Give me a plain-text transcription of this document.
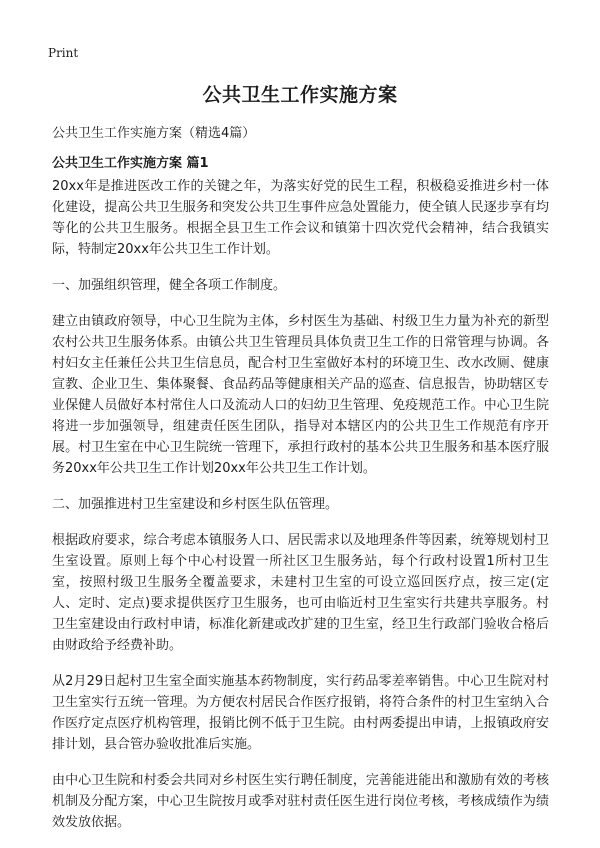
Print
公共卫生工作实施方案
公共卫生工作实施方案（精选4篇）
公共卫生工作实施方案 篇1

20xx年是推进医改工作的关键之年，为落实好党的民生工程，积极稳妥推进乡村一体化建设，提高公共卫生服务和突发公共卫生事件应急处置能力，使全镇人民逐步享有均等化的公共卫生服务。根据全县卫生工作会议和镇第十四次党代会精神，结合我镇实际，特制定20xx年公共卫生工作计划。

一、加强组织管理，健全各项工作制度。

建立由镇政府领导，中心卫生院为主体，乡村医生为基础、村级卫生力量为补充的新型农村公共卫生服务体系。由镇公共卫生管理员具体负责卫生工作的日常管理与协调。各村妇女主任兼任公共卫生信息员，配合村卫生室做好本村的环境卫生、改水改厕、健康宣教、企业卫生、集体聚餐、食品药品等健康相关产品的巡查、信息报告，协助辖区专业保健人员做好本村常住人口及流动人口的妇幼卫生管理、免疫规范工作。中心卫生院将进一步加强领导，组建责任医生团队，指导对本辖区内的公共卫生工作规范有序开展。村卫生室在中心卫生院统一管理下，承担行政村的基本公共卫生服务和基本医疗服务20xx年公共卫生工作计划20xx年公共卫生工作计划。

二、加强推进村卫生室建设和乡村医生队伍管理。

根据政府要求，综合考虑本镇服务人口、居民需求以及地理条件等因素，统筹规划村卫生室设置。原则上每个中心村设置一所社区卫生服务站，每个行政村设置1所村卫生室，按照村级卫生服务全覆盖要求，未建村卫生室的可设立巡回医疗点，按三定(定人、定时、定点)要求提供医疗卫生服务，也可由临近村卫生室实行共建共享服务。村卫生室建设由行政村申请，标准化新建或改扩建的卫生室，经卫生行政部门验收合格后由财政给予经费补助。

从2月29日起村卫生室全面实施基本药物制度，实行药品零差率销售。中心卫生院对村卫生室实行五统一管理。为方便农村居民合作医疗报销，将符合条件的村卫生室纳入合作医疗定点医疗机构管理，报销比例不低于卫生院。由村两委提出申请，上报镇政府安排计划，县合管办验收批准后实施。

由中心卫生院和村委会共同对乡村医生实行聘任制度，完善能进能出和激励有效的考核机制及分配方案，中心卫生院按月或季对驻村责任医生进行岗位考核，考核成绩作为绩效发放依据。
